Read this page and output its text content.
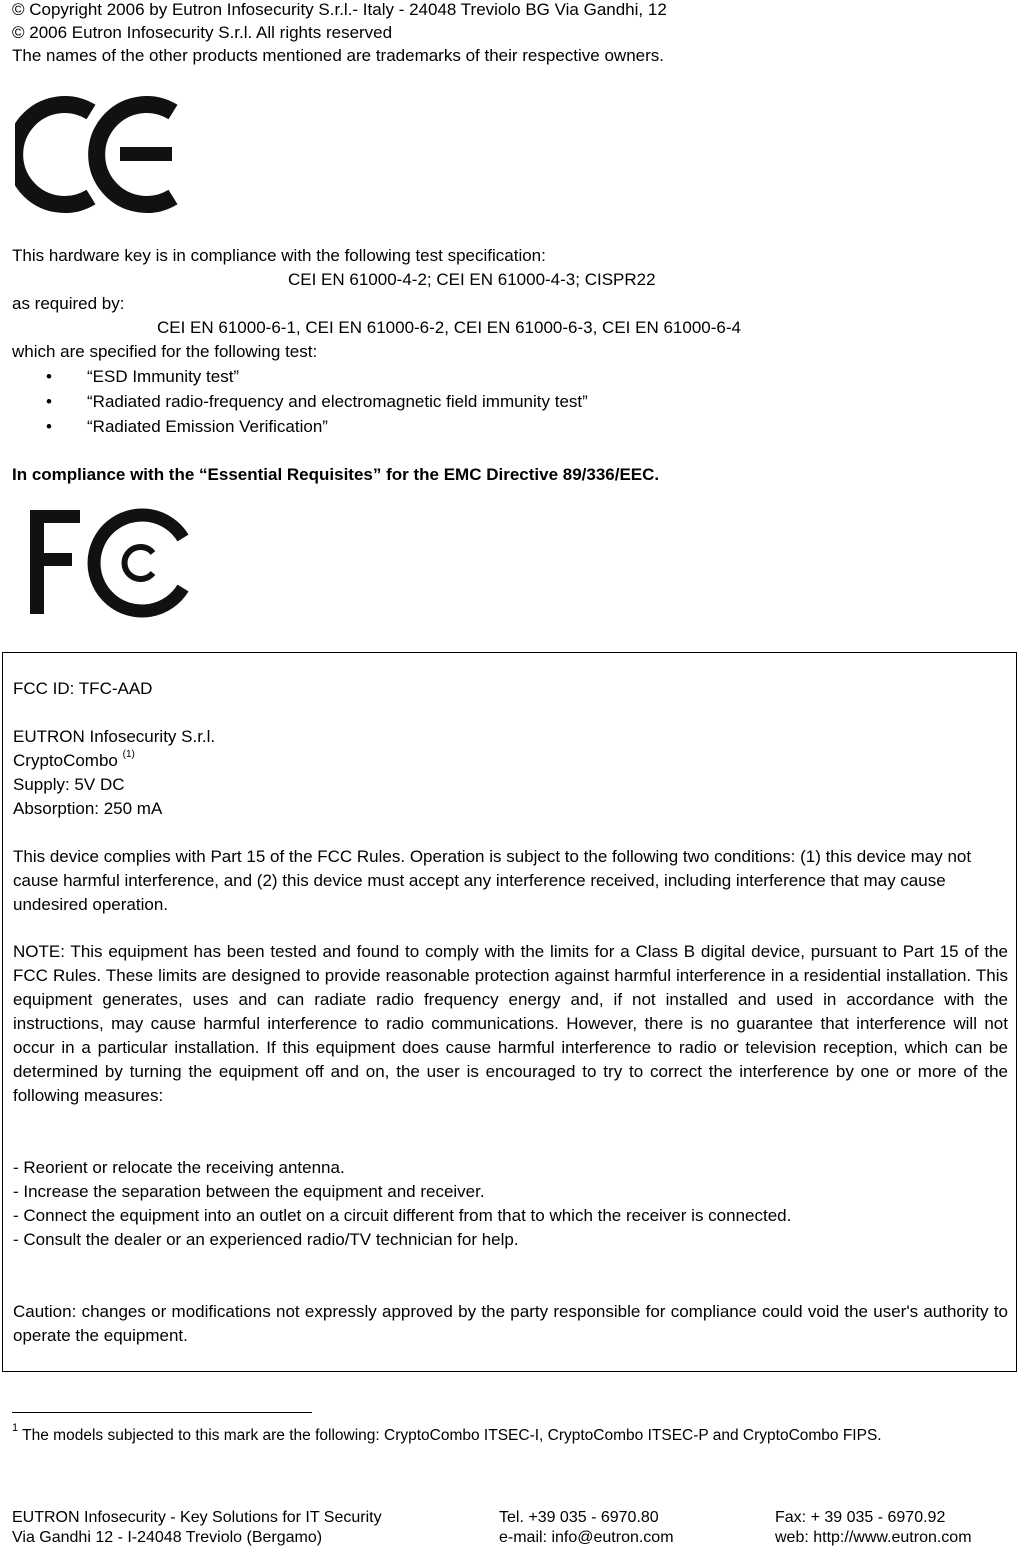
© Copyright 2006 by Eutron Infosecurity S.r.l.- Italy - 24048 Treviolo BG Via Gandhi, 12
© 2006 Eutron Infosecurity S.r.l. All rights reserved
The names of the other products mentioned are trademarks of their respective owners.
This hardware key is in compliance with the following test specification:
CEI EN 61000-4-2; CEI EN 61000-4-3; CISPR22
as required by:
CEI EN 61000-6-1, CEI EN 61000-6-2, CEI EN 61000-6-3, CEI EN 61000-6-4
which are specified for the following test:
• “ESD Immunity test”
• “Radiated radio-frequency and electromagnetic field immunity test”
• “Radiated Emission Verification”
In compliance with the “Essential Requisites” for the EMC Directive 89/336/EEC.
FCC ID: TFC-AAD
EUTRON Infosecurity S.r.l.
CryptoCombo $^{(1)}$
Supply: 5V DC
Absorption: 250 mA
This device complies with Part 15 of the FCC Rules. Operation is subject to the following two conditions: (1) this device may not cause harmful interference, and (2) this device must accept any interference received, including interference that may cause undesired operation.
NOTE: This equipment has been tested and found to comply with the limits for a Class B digital device, pursuant to Part 15 of the FCC Rules. These limits are designed to provide reasonable protection against harmful interference in a residential installation. This equipment generates, uses and can radiate radio frequency energy and, if not installed and used in accordance with the instructions, may cause harmful interference to radio communications. However, there is no guarantee that interference will not occur in a particular installation. If this equipment does cause harmful interference to radio or television reception, which can be determined by turning the equipment off and on, the user is encouraged to try to correct the interference by one or more of the following measures:
- Reorient or relocate the receiving antenna.
- Increase the separation between the equipment and receiver.
- Connect the equipment into an outlet on a circuit different from that to which the receiver is connected.
- Consult the dealer or an experienced radio/TV technician for help.
Caution: changes or modifications not expressly approved by the party responsible for compliance could void the user's authority to operate the equipment.
$^1$ The models subjected to this mark are the following: CryptoCombo ITSEC-I, CryptoCombo ITSEC-P and CryptoCombo FIPS.
EUTRON Infosecurity - Key Solutions for IT Security
Via Gandhi 12 - I-24048 Treviolo (Bergamo)
Tel. +39 035 - 6970.80
e-mail: info@eutron.com
Fax: + 39 035 - 6970.92
web: http://www.eutron.com
